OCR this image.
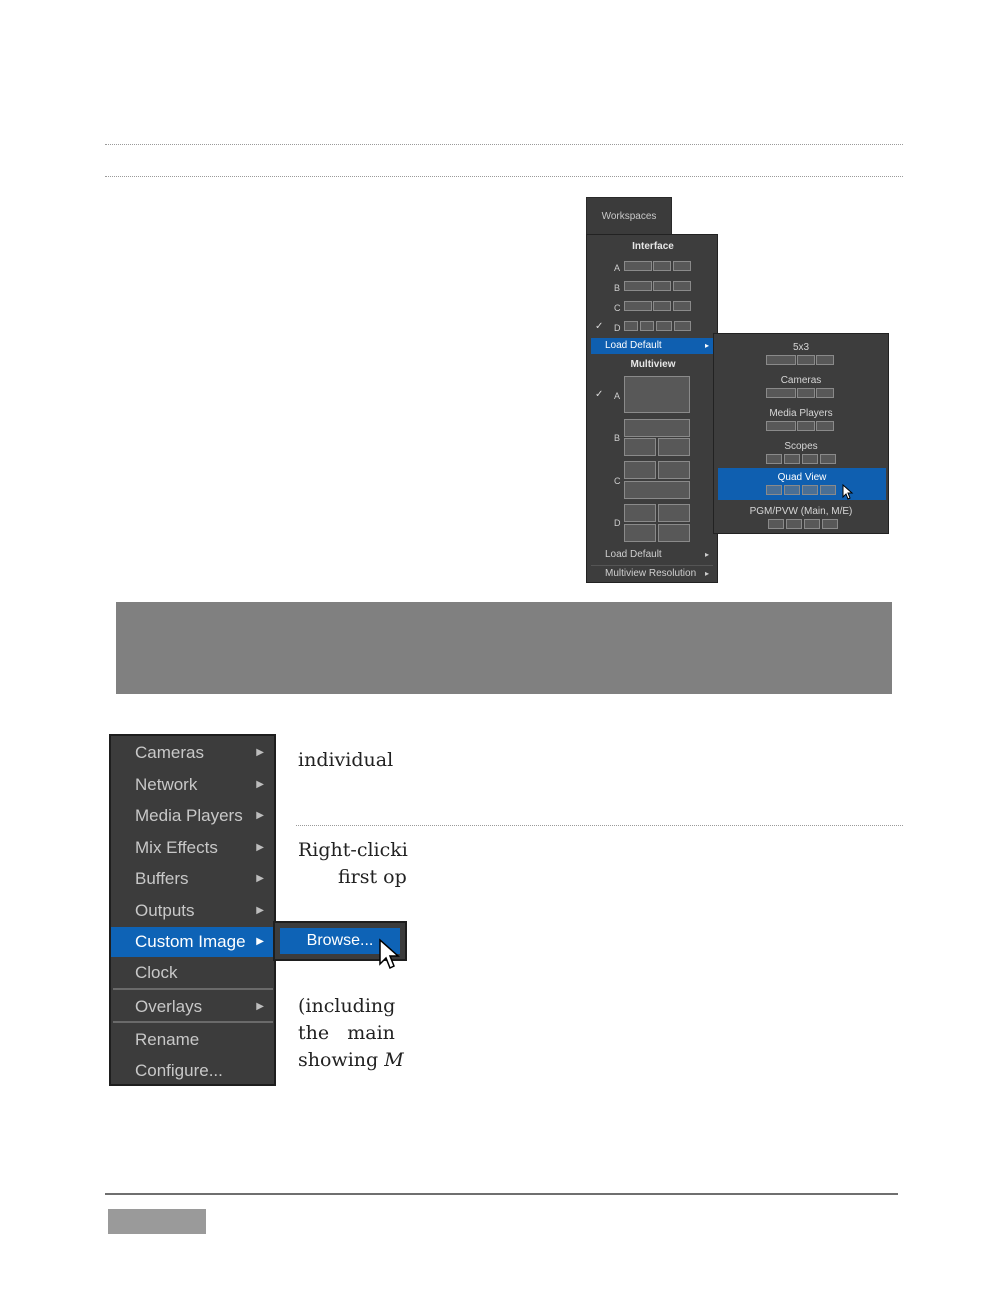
Workspaces
Interface
A
B
C
✓ D
Load Default	▸
Multiview
✓ A
B
C
D
Load Default	▸
Multiview Resolution ▸
5x3
Cameras
Media Players
Scopes
Quad View
PGM/PVW (Main, M/E)
Cameras	▶
Network	▶
Media Players ▶
Mix Effects	▶
Buffers	▶
Outputs	▶
Custom Image ▶
Clock
Overlays	▶
Rename
Configure...
Browse...
individual
Right-clicki
first op
(including
the   main
showing M
